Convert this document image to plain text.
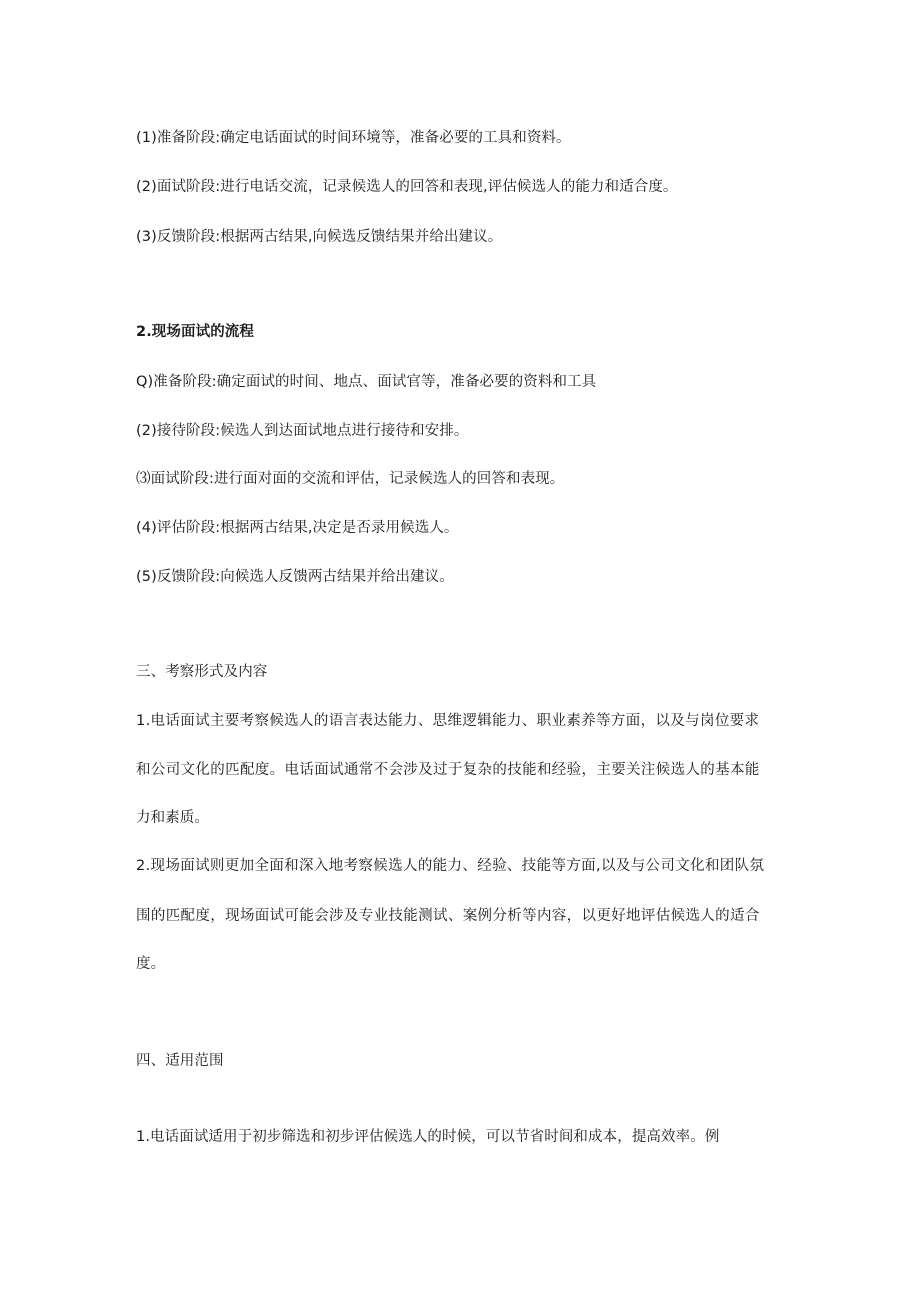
(1)准备阶段:确定电话面试的时间环境等，准备必要的工具和资料。
(2)面试阶段:进行电话交流，记录候选人的回答和表现,评估候选人的能力和适合度。
(3)反馈阶段:根据两古结果,向候选反馈结果并给出建议。
2.现场面试的流程
Q)准备阶段:确定面试的时间、地点、面试官等，准备必要的资料和工具
(2)接待阶段:候选人到达面试地点进行接待和安排。
⑶面试阶段:进行面对面的交流和评估，记录候选人的回答和表现。
(4)评估阶段:根据两古结果,决定是否录用候选人。
(5)反馈阶段:向候选人反馈两古结果并给出建议。
三、考察形式及内容
1.电话面试主要考察候选人的语言表达能力、思维逻辑能力、职业素养等方面，以及与岗位要求
和公司文化的匹配度。电话面试通常不会涉及过于复杂的技能和经验，主要关注候选人的基本能
力和素质。
2.现场面试则更加全面和深入地考察候选人的能力、经验、技能等方面,以及与公司文化和团队氛
围的匹配度，现场面试可能会涉及专业技能测试、案例分析等内容，以更好地评估候选人的适合
度。
四、适用范围
1.电话面试适用于初步筛选和初步评估候选人的时候，可以节省时间和成本，提高效率。例
